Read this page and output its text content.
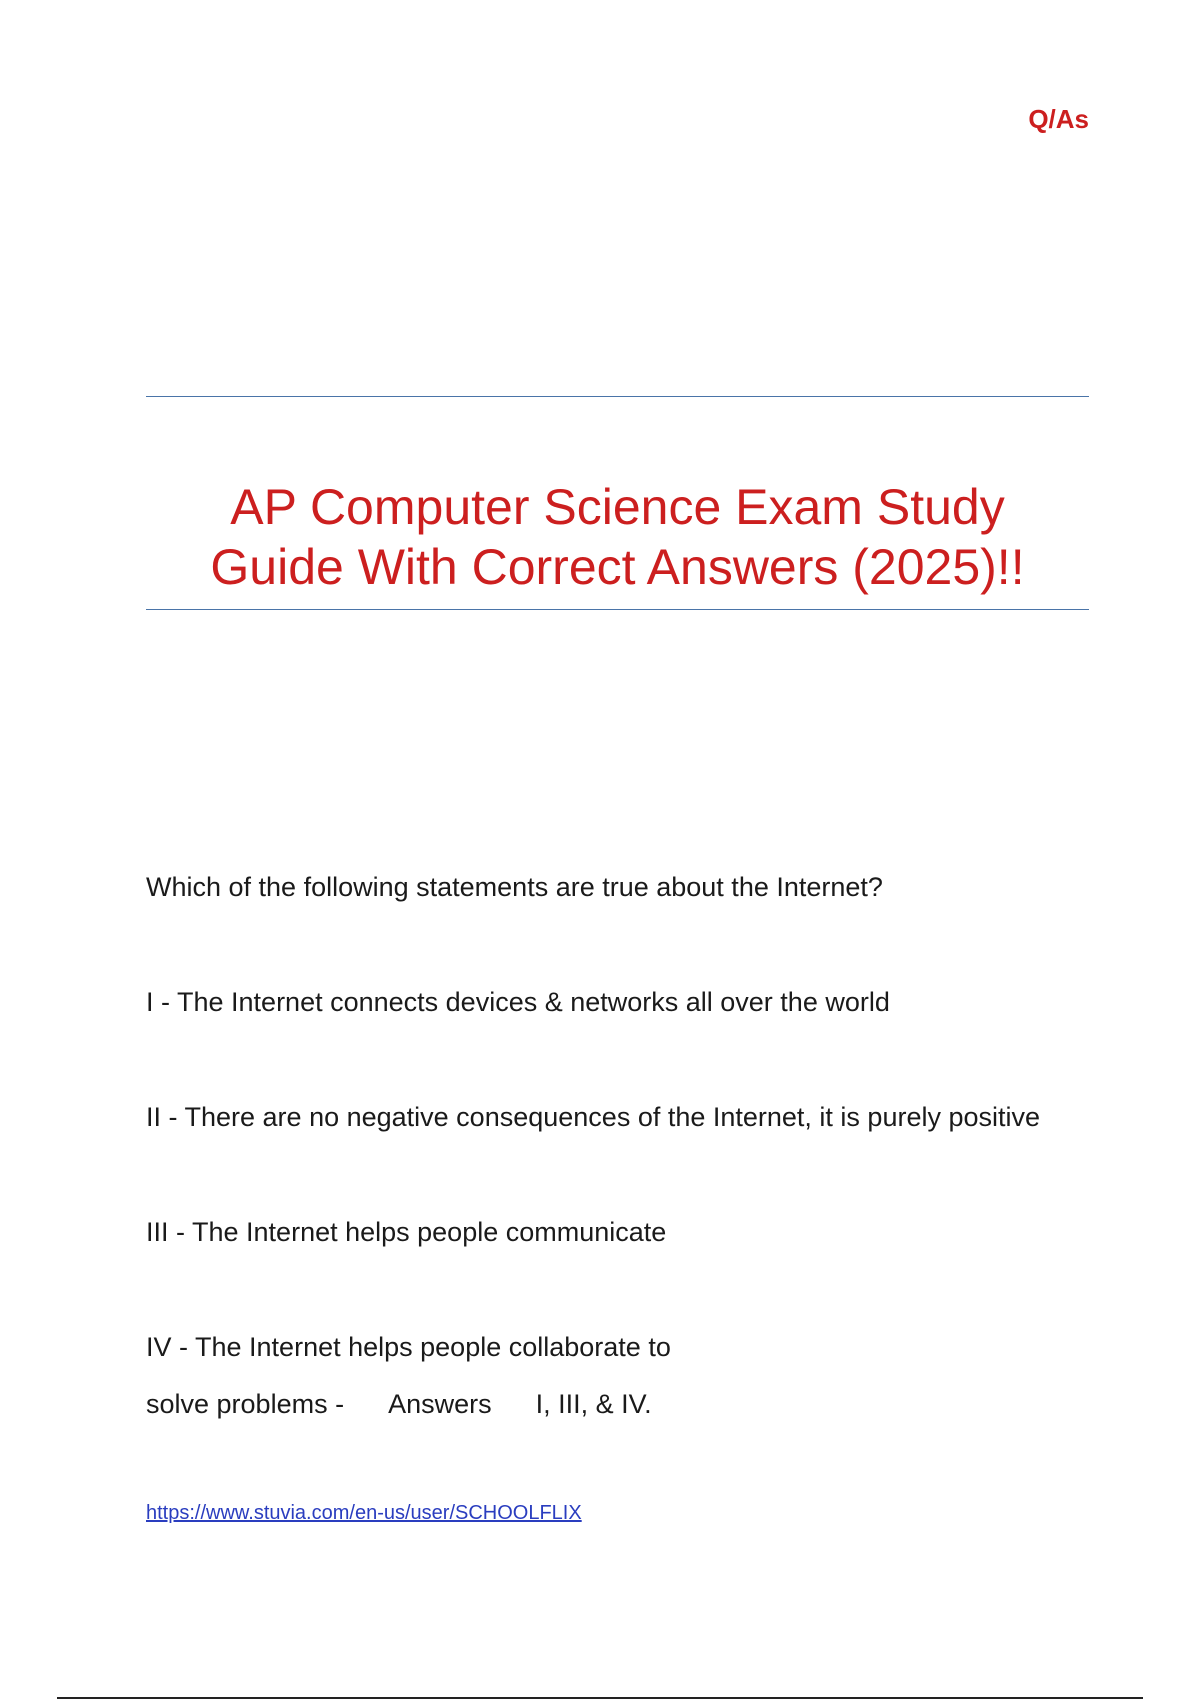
Q/As
AP Computer Science Exam Study
Guide With Correct Answers (2025)!!
Which of the following statements are true about the Internet?
I - The Internet connects devices & networks all over the world
II - There are no negative consequences of the Internet, it is purely positive
III - The Internet helps people communicate
IV - The Internet helps people collaborate to
solve problems - Answers I, III, & IV.
https://www.stuvia.com/en-us/user/SCHOOLFLIX
